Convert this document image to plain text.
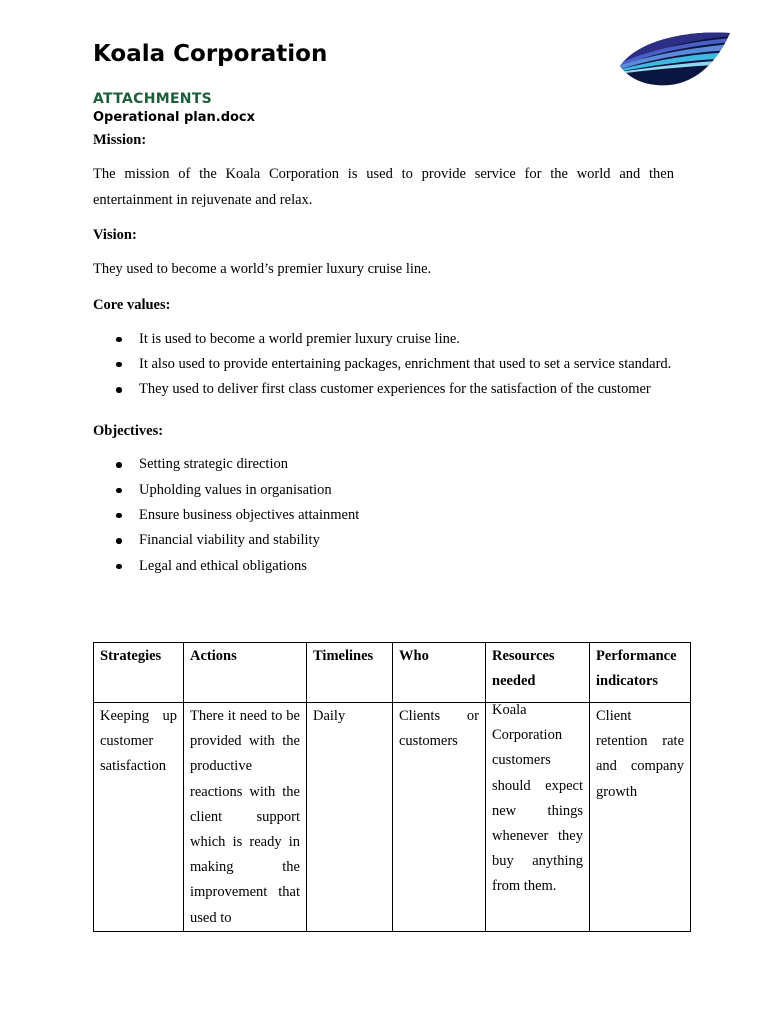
Koala Corporation
ATTACHMENTS

Operational plan.docx

Mission:

The mission of the Koala Corporation is used to provide service for the world and then entertainment in rejuvenate and relax.

Vision:

They used to become a world’s premier luxury cruise line.

Core values:

It is used to become a world premier luxury cruise line.
It also used to provide entertaining packages, enrichment that used to set a service standard.
They used to deliver first class customer experiences for the satisfaction of the customer

Objectives:

Setting strategic direction
Upholding values in organisation
Ensure business objectives attainment
Financial viability and stability
Legal and ethical obligations
Strategies	Actions	Timelines	Who	Resources needed	Performance indicators
Keeping up customer satisfaction	There it need to be provided with the productive reactions with the client support which is ready in making the improvement that used to	Daily	Clients or customers	Koala Corporation customers should expect new things whenever they buy anything from them.	Client retention rate and company growth
